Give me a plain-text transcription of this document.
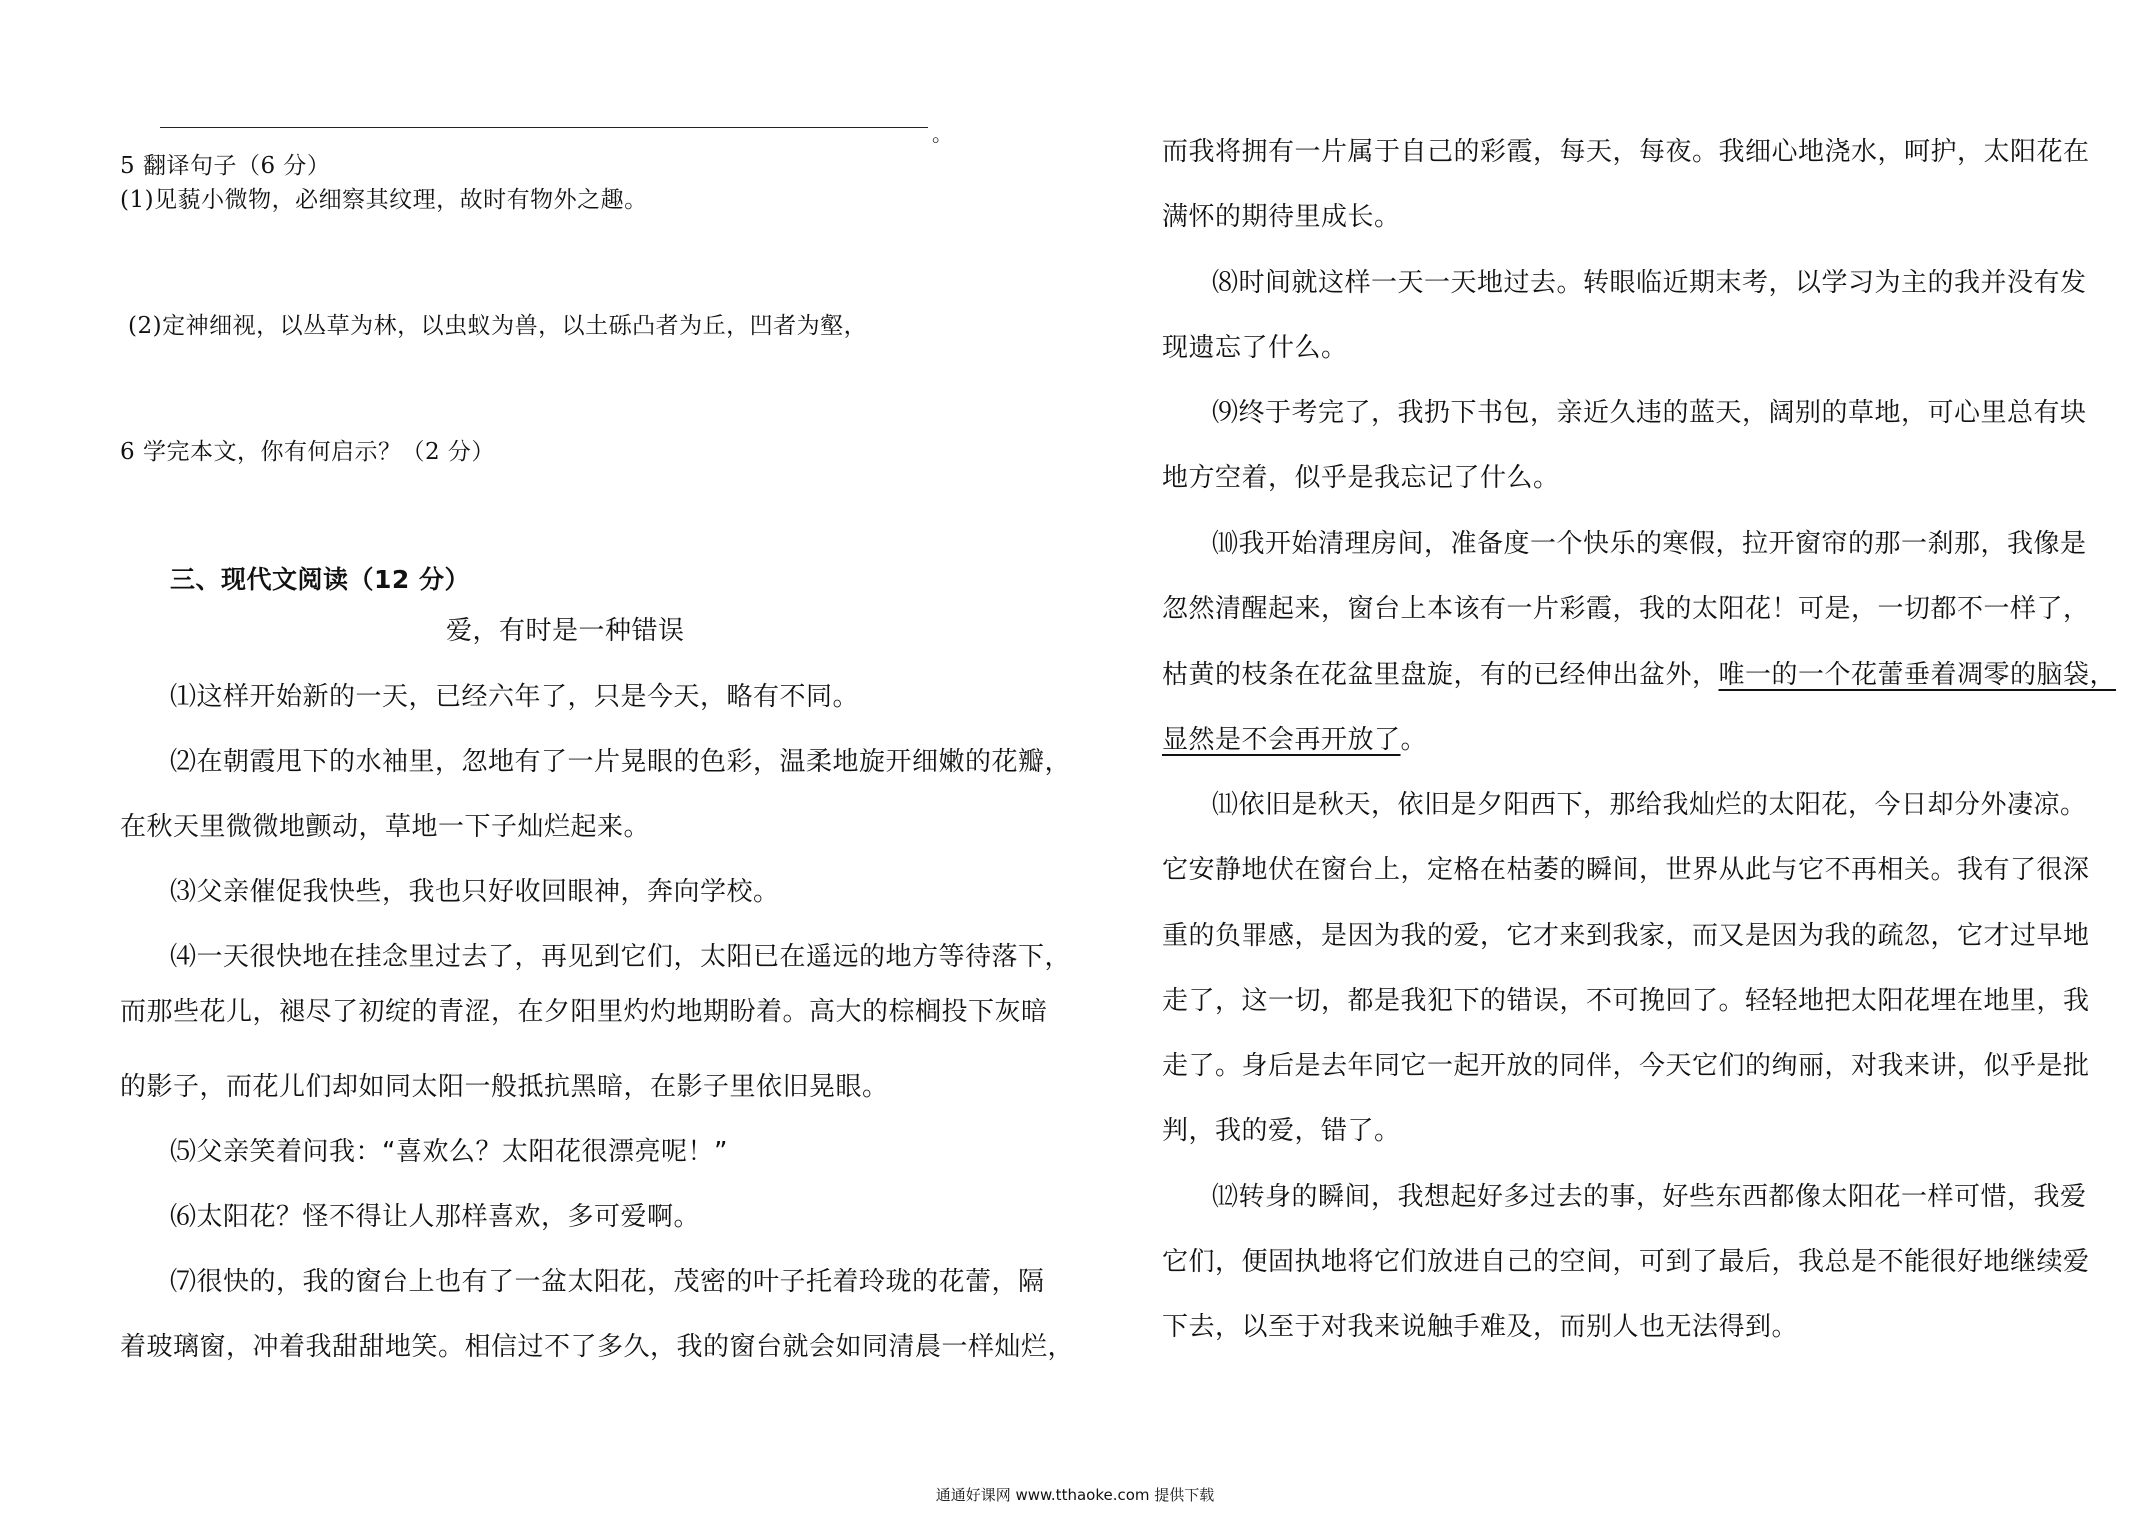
。
5 翻译句子（6 分）
(1)见藐小微物，必细察其纹理，故时有物外之趣。
(2)定神细视，以丛草为林，以虫蚁为兽，以土砾凸者为丘，凹者为壑，
6 学完本文，你有何启示？（2 分）
三、现代文阅读（12 分）
爱，有时是一种错误
⑴这样开始新的一天，已经六年了，只是今天，略有不同。
⑵在朝霞甩下的水袖里，忽地有了一片晃眼的色彩，温柔地旋开细嫩的花瓣，
在秋天里微微地颤动，草地一下子灿烂起来。
⑶父亲催促我快些，我也只好收回眼神，奔向学校。
⑷一天很快地在挂念里过去了，再见到它们，太阳已在遥远的地方等待落下，
而那些花儿，褪尽了初绽的青涩，在夕阳里灼灼地期盼着。高大的棕榈投下灰暗
的影子，而花儿们却如同太阳一般抵抗黑暗，在影子里依旧晃眼。
⑸父亲笑着问我：“喜欢么？太阳花很漂亮呢！”
⑹太阳花？怪不得让人那样喜欢，多可爱啊。
⑺很快的，我的窗台上也有了一盆太阳花，茂密的叶子托着玲珑的花蕾，隔
着玻璃窗，冲着我甜甜地笑。相信过不了多久，我的窗台就会如同清晨一样灿烂，
而我将拥有一片属于自己的彩霞，每天，每夜。我细心地浇水，呵护，太阳花在
满怀的期待里成长。
⑻时间就这样一天一天地过去。转眼临近期末考，以学习为主的我并没有发
现遗忘了什么。
⑼终于考完了，我扔下书包，亲近久违的蓝天，阔别的草地，可心里总有块
地方空着，似乎是我忘记了什么。
⑽我开始清理房间，准备度一个快乐的寒假，拉开窗帘的那一刹那，我像是
忽然清醒起来，窗台上本该有一片彩霞，我的太阳花！可是，一切都不一样了，
枯黄的枝条在花盆里盘旋，有的已经伸出盆外，唯一的一个花蕾垂着凋零的脑袋，
显然是不会再开放了。
⑾依旧是秋天，依旧是夕阳西下，那给我灿烂的太阳花，今日却分外凄凉。
它安静地伏在窗台上，定格在枯萎的瞬间，世界从此与它不再相关。我有了很深
重的负罪感，是因为我的爱，它才来到我家，而又是因为我的疏忽，它才过早地
走了，这一切，都是我犯下的错误，不可挽回了。轻轻地把太阳花埋在地里，我
走了。身后是去年同它一起开放的同伴，今天它们的绚丽，对我来讲，似乎是批
判，我的爱，错了。
⑿转身的瞬间，我想起好多过去的事，好些东西都像太阳花一样可惜，我爱
它们，便固执地将它们放进自己的空间，可到了最后，我总是不能很好地继续爱
下去，以至于对我来说触手难及，而别人也无法得到。
通通好课网 www.tthaoke.com 提供下载
